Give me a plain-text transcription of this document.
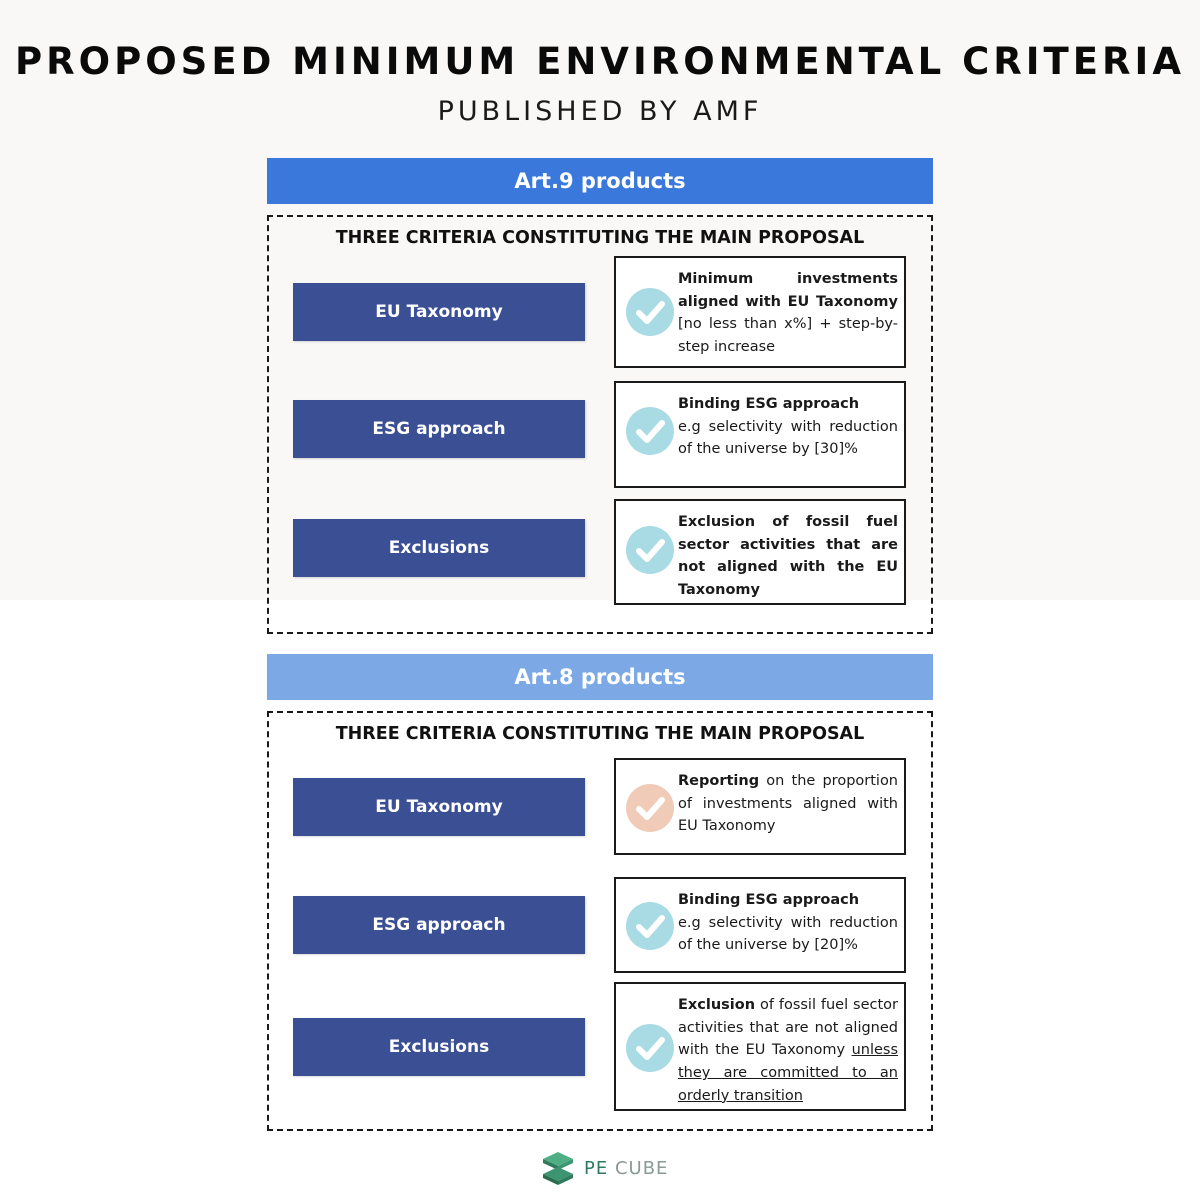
PROPOSED MINIMUM ENVIRONMENTAL CRITERIA
PUBLISHED BY AMF
Art.9 products
THREE CRITERIA CONSTITUTING THE MAIN PROPOSAL
EU Taxonomy
Minimum investments aligned with EU Taxonomy [no less than x%] + step-by-step increase
ESG approach
Binding ESG approach
e.g selectivity with reduction of the universe by [30]%
Exclusions
Exclusion of fossil fuel sector activities that are not aligned with the EU Taxonomy
Art.8 products
THREE CRITERIA CONSTITUTING THE MAIN PROPOSAL
EU Taxonomy
Reporting on the proportion of investments aligned with EU Taxonomy
ESG approach
Binding ESG approach
e.g selectivity with reduction of the universe by [20]%
Exclusions
Exclusion of fossil fuel sector activities that are not aligned with the EU Taxonomy unless they are committed to an orderly transition
PE CUBE
